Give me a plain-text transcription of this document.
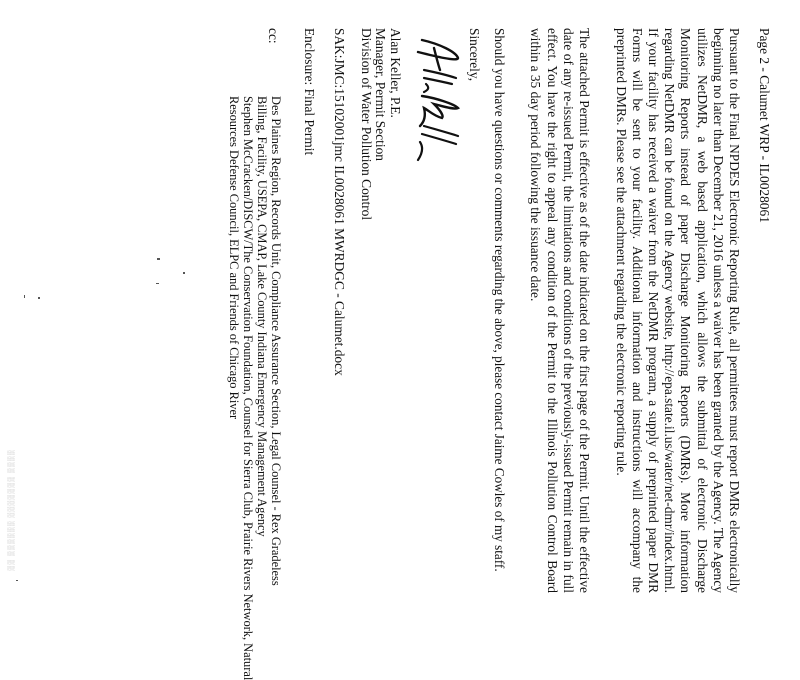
Page 2 - Calumet WRP - IL0028061
Pursuant to the Final NPDES Electronic Reporting Rule, all permittees must report DMRs electronically
beginning no later than December 21, 2016 unless a waiver has been granted by the Agency. The Agency
utilizes NetDMR, a web based application, which allows the submittal of electronic Discharge
Monitoring Reports instead of paper Discharge Monitoring Reports (DMRs). More information
regarding NetDMR can be found on the Agency website, http://epa.state.il.us/water/net-dmr/index.html.
If your facility has received a waiver from the NetDMR program, a supply of preprinted paper DMR
Forms will be sent to your facility. Additional information and instructions will accompany the
preprinted DMRs. Please see the attachment regarding the electronic reporting rule.
The attached Permit is effective as of the date indicated on the first page of the Permit. Until the effective
date of any re-issued Permit, the limitations and conditions of the previously-issued Permit remain in full
effect. You have the right to appeal any condition of the Permit to the Illinois Pollution Control Board
within a 35 day period following the issuance date.
Should you have questions or comments regarding the above, please contact Jaime Cowles of my staff.
Sincerely,
Alan Keller, P.E.
Manager, Permit Section
Division of Water Pollution Control
SAK:JMC:15102001jmc IL0028061 MWRDGC - Calumet.docx
Enclosure: Final Permit
cc:
Des Plaines Region, Records Unit, Compliance Assurance Section, Legal Counsel - Rex Gradeless
Billing, Facility, USEPA, CMAP, Lake County Indiana Emergency Management Agency
Stephen McCracken/DISCW/The Conservation Foundation, Counsel for Sierra Club, Prairie Rivers Network, Natural
Resources Defense Council, ELPC and Friends of Chicago River
░░░░ ░░░░░░░ ░░░░░░ ░░
